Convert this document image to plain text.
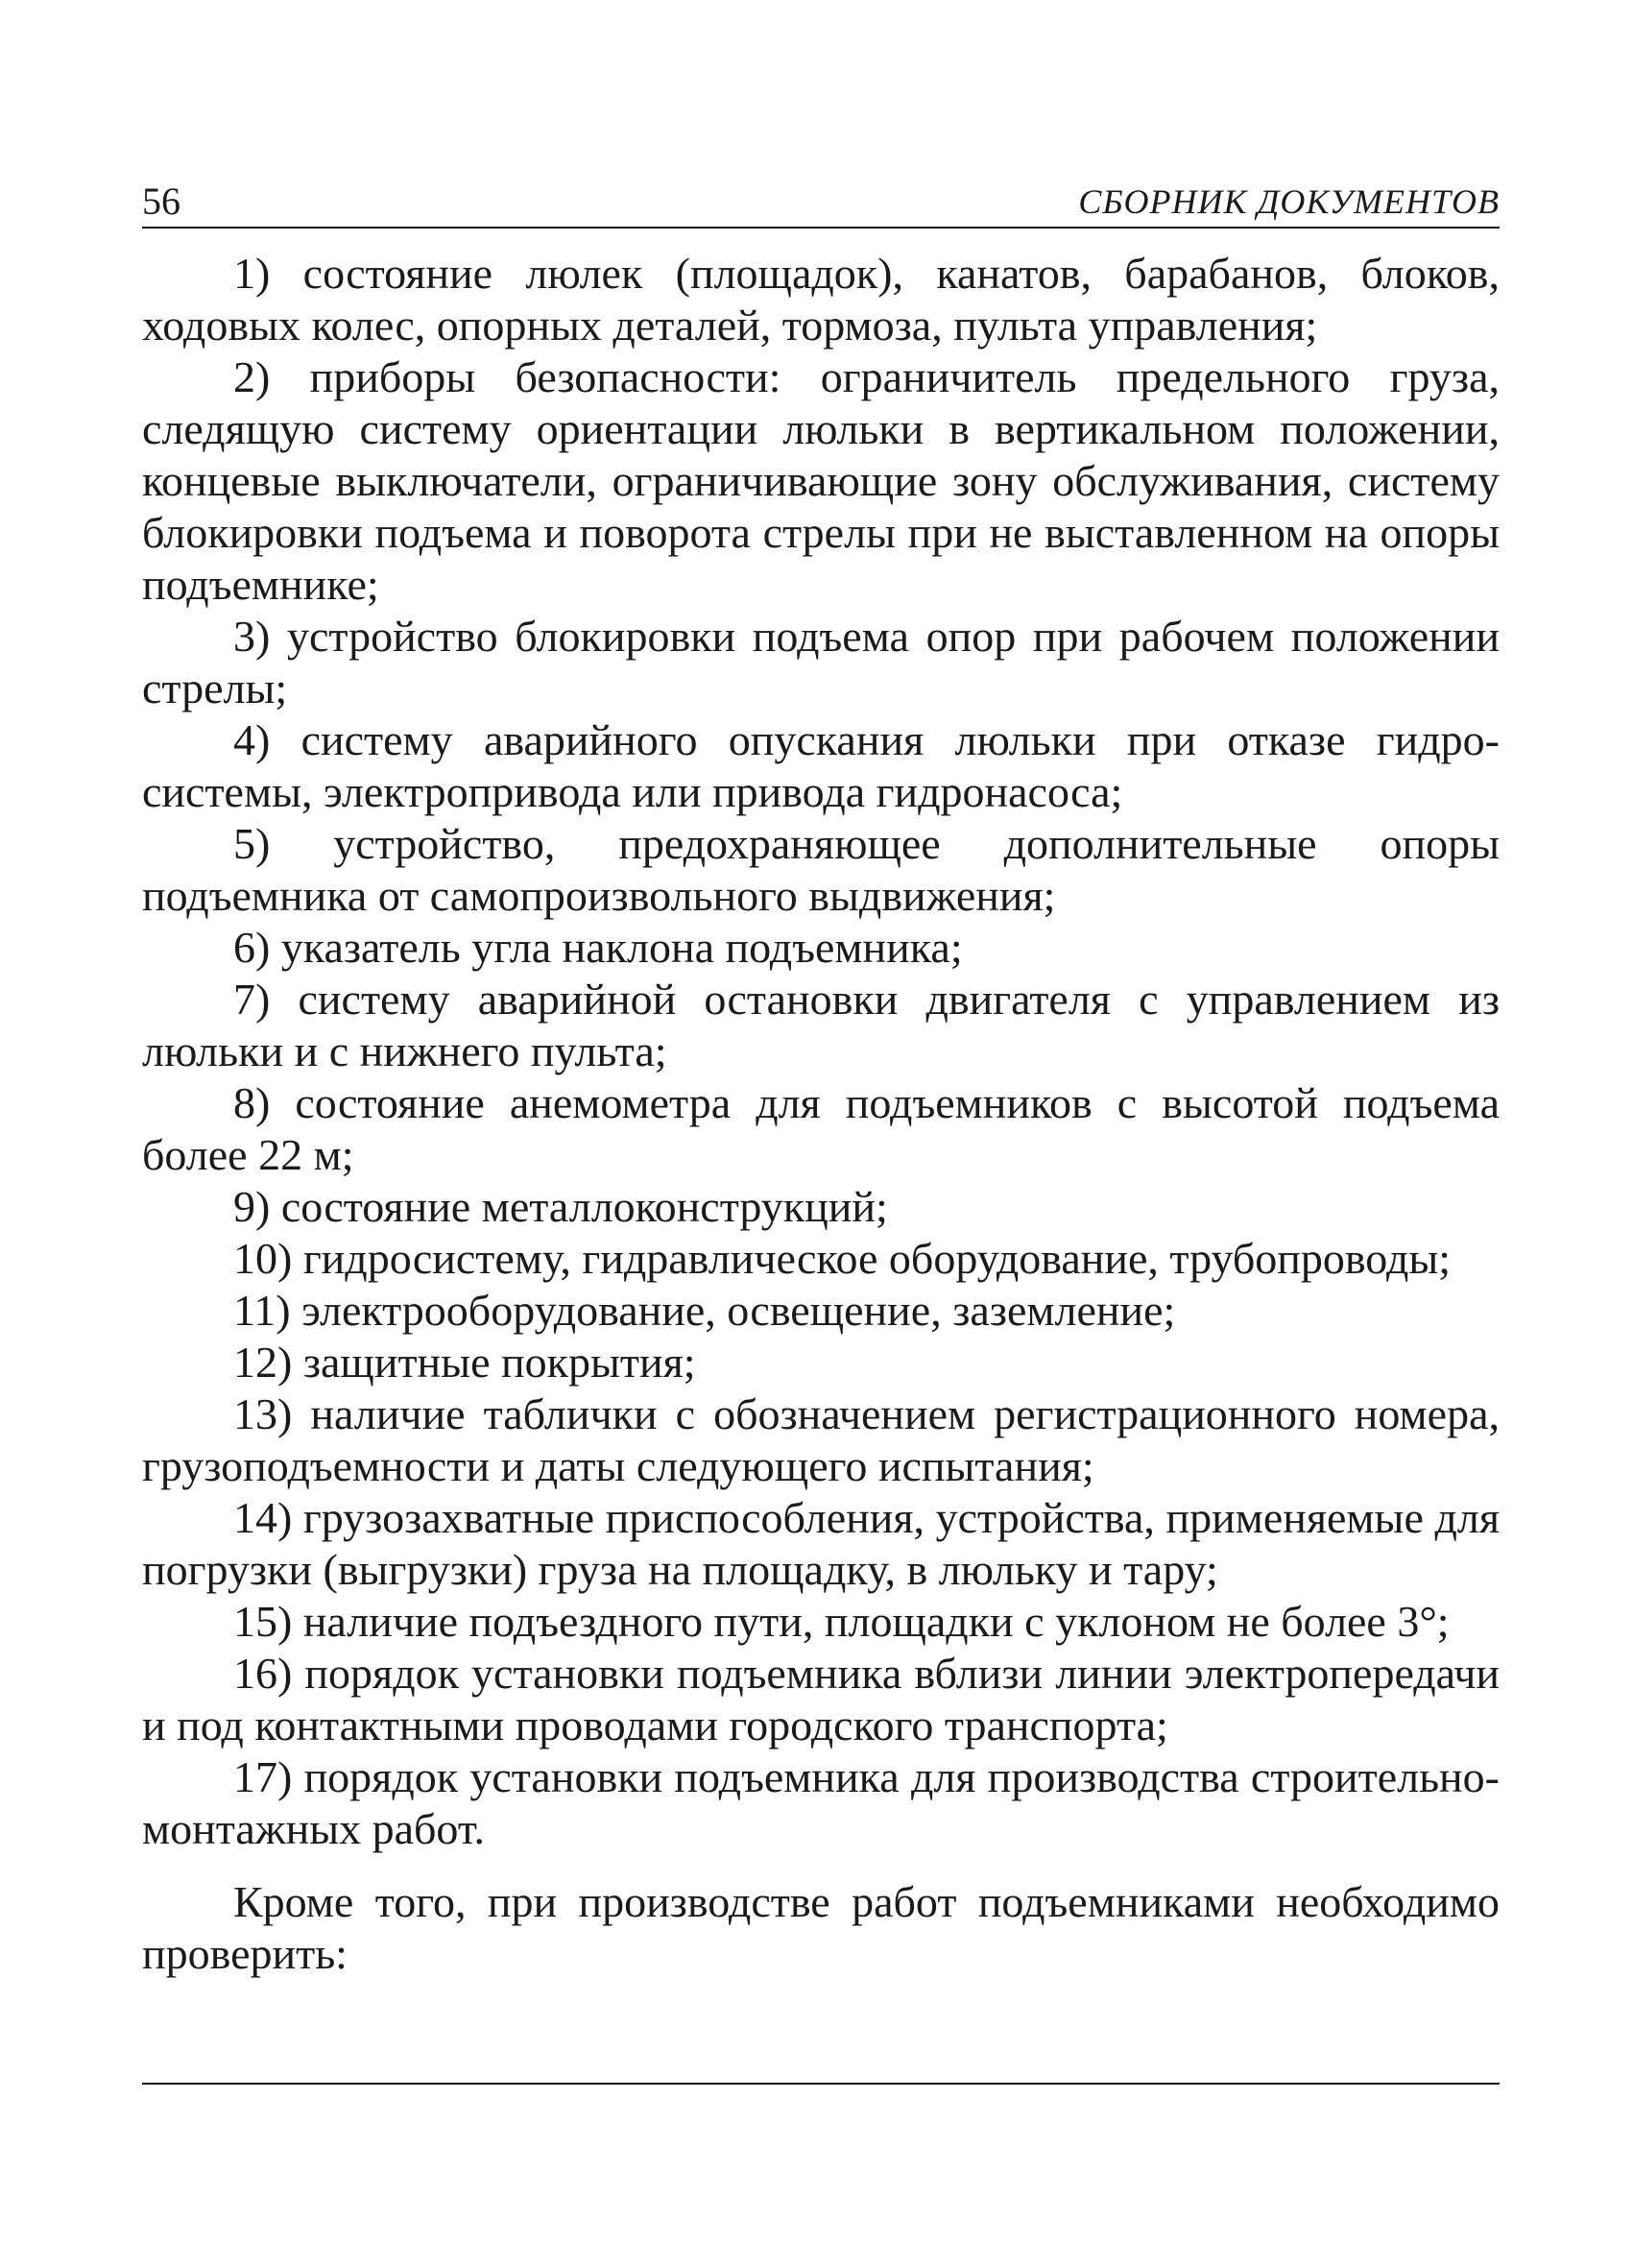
56	СБОРНИК ДОКУМЕНТОВ

1) состояние люлек (площадок), канатов, барабанов, блоков, ходовых колес, опорных деталей, тормоза, пульта управления;

2) приборы безопасности: ограничитель предельного груза, следящую систему ориентации люльки в вертикальном положении, концевые выключатели, ограничивающие зону обслуживания, систему блокировки подъема и поворота стрелы при не выставленном на опоры подъемнике;

3) устройство блокировки подъема опор при рабочем положении стрелы;

4) систему аварийного опускания люльки при отказе гидросистемы, электропривода или привода гидронасоса;

5) устройство, предохраняющее дополнительные опоры подъемника от самопроизвольного выдвижения;

6) указатель угла наклона подъемника;

7) систему аварийной остановки двигателя с управлением из люльки и с нижнего пульта;

8) состояние анемометра для подъемников с высотой подъема более 22 м;

9) состояние металлоконструкций;

10) гидросистему, гидравлическое оборудование, трубопроводы;

11) электрооборудование, освещение, заземление;

12) защитные покрытия;

13) наличие таблички с обозначением регистрационного номера, грузоподъемности и даты следующего испытания;

14) грузозахватные приспособления, устройства, применяемые для погрузки (выгрузки) груза на площадку, в люльку и тару;

15) наличие подъездного пути, площадки с уклоном не более 3°;

16) порядок установки подъемника вблизи линии электропередачи и под контактными проводами городского транспорта;

17) порядок установки подъемника для производства строительно-монтажных работ.

Кроме того, при производстве работ подъемниками необходимо проверить:
